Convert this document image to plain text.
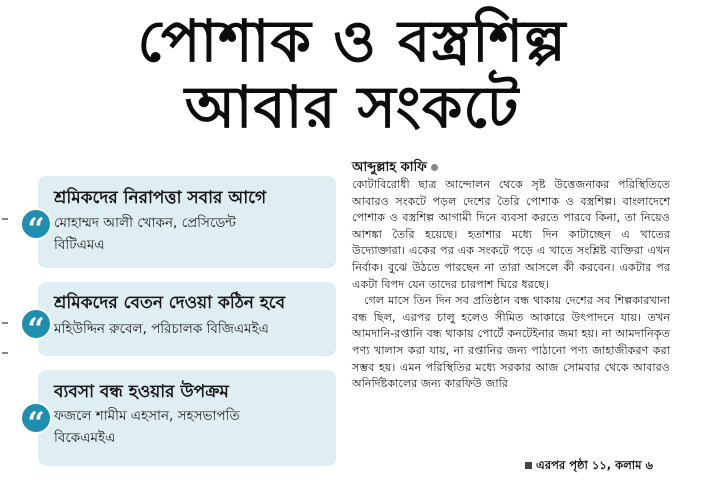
পোশাক ও বস্ত্রশিল্প
আবার সংকটে
“
শ্রমিকদের নিরাপত্তা সবার আগে
মোহাম্মদ আলী খোকন, প্রেসিডেন্ট
বিটিএমএ
“
শ্রমিকদের বেতন দেওয়া কঠিন হবে
মহিউদ্দিন রুবেল, পরিচালক বিজিএমইএ
“
ব্যবসা বন্ধ হওয়ার উপক্রম
ফজলে শামীম এহসান, সহসভাপতি
বিকেএমইএ
আব্দুল্লাহ কাফি

কোটাবিরোধী ছাত্র আন্দোলন থেকে সৃষ্ট উত্তেজনাকর পরিস্থিতিতে আবারও সংকটে পড়ল দেশের তৈরি পোশাক ও বস্ত্রশিল্প। বাংলাদেশে পোশাক ও বস্ত্রশিল্প আগামী দিনে ব্যবসা করতে পারবে কিনা, তা নিয়েও আশঙ্কা তৈরি হয়েছে। হতাশার মধ্যে দিন কাটাচ্ছেন এ খাতের উদ্যোক্তারা। একের পর এক সংকটে পড়ে এ খাতে সংশ্লিষ্ট ব্যক্তিরা এখন নির্বাক। বুঝে উঠতে পারছেন না তারা আসলে কী করবেন। একটার পর একটা বিপদ যেন তাদের চারপাশ ঘিরে ধরছে।

গেল মাসে তিন দিন সব প্রতিষ্ঠান বন্ধ থাকায় দেশের সব শিল্পকারখানা বন্ধ ছিল, এরপর চালু হলেও সীমিত আকারে উৎপাদনে যায়। তখন আমদানি-রপ্তানি বন্ধ থাকায় পোর্টে কনটেইনার জমা হয়। না আমদানিকৃত পণ্য খালাস করা যায়, না রপ্তানির জন্য পাঠানো পণ্য জাহাজীকরণ করা সম্ভব হয়। এমন পরিস্থিতির মধ্যে সরকার আজ সোমবার থেকে আবারও অনির্দিষ্টকালের জন্য কারফিউ জারি

এরপর পৃষ্ঠা ১১, কলাম ৬
